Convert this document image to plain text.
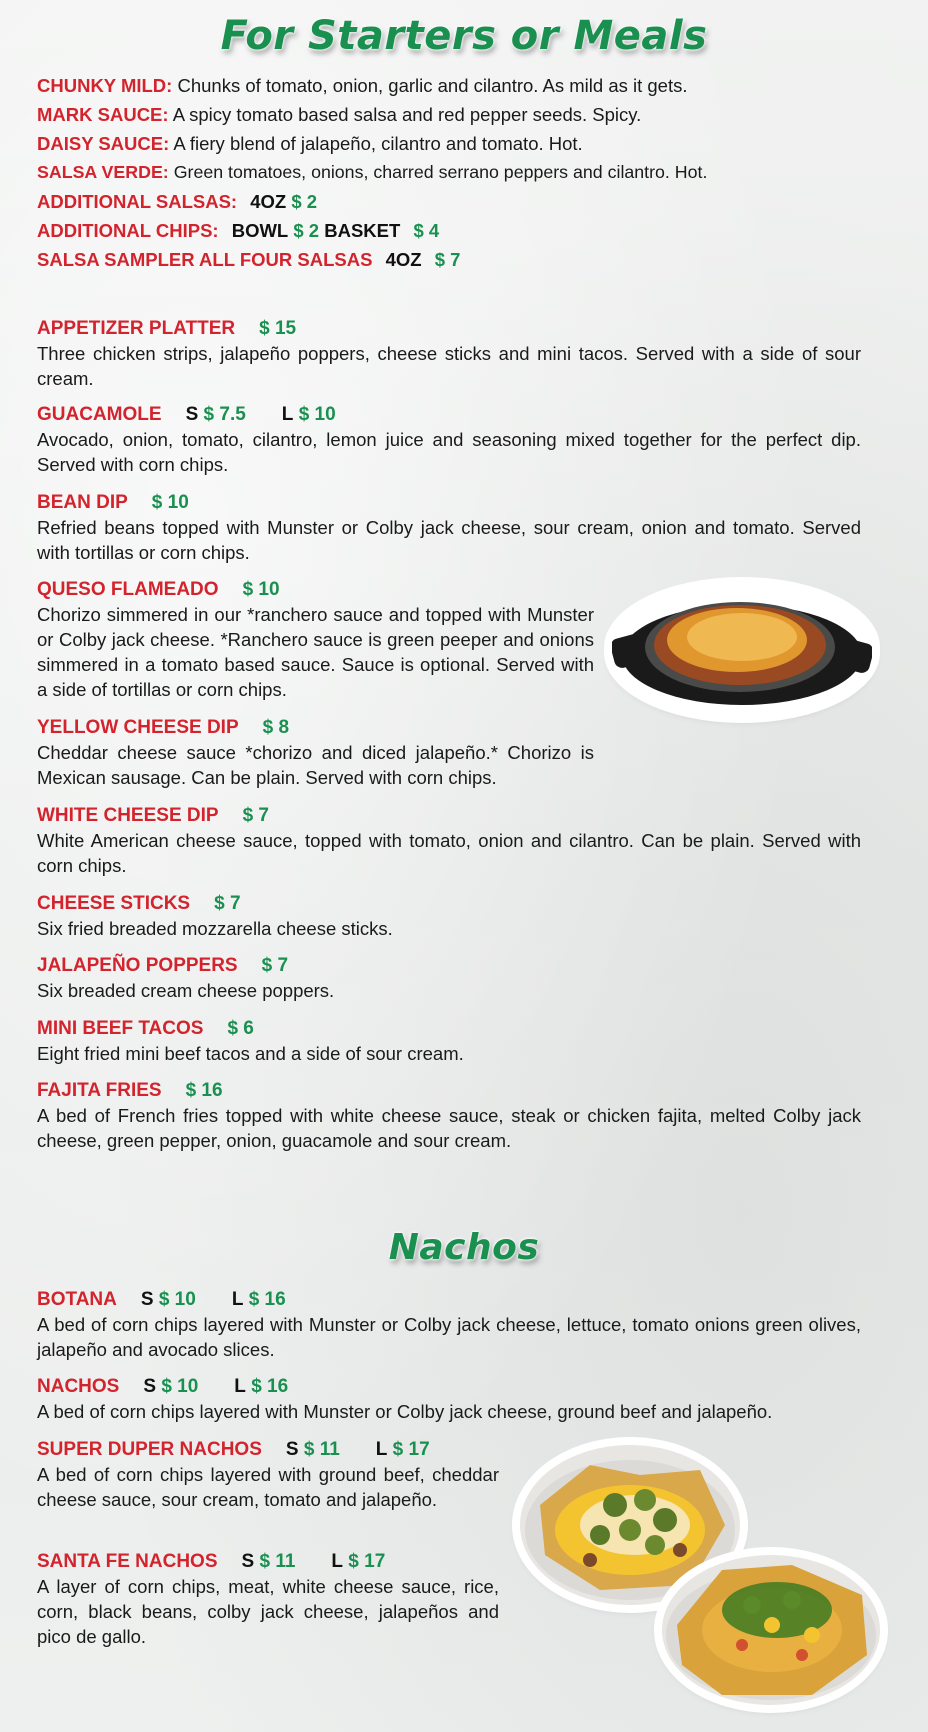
For Starters or Meals
CHUNKY MILD: Chunks of tomato, onion, garlic and cilantro. As mild as it gets.
MARK SAUCE: A spicy tomato based salsa and red pepper seeds. Spicy.
DAISY SAUCE: A fiery blend of jalapeño, cilantro and tomato. Hot.
SALSA VERDE: Green tomatoes, onions, charred serrano peppers and cilantro. Hot.
ADDITIONAL SALSAS: 4OZ $ 2
ADDITIONAL CHIPS: BOWL $ 2 BASKET $ 4
SALSA SAMPLER ALL FOUR SALSAS 4OZ $ 7
APPETIZER PLATTER $ 15
Three chicken strips, jalapeño poppers, cheese sticks and mini tacos. Served with a side of sour cream.
GUACAMOLE S $ 7.5 L $ 10
Avocado, onion, tomato, cilantro, lemon juice and seasoning mixed together for the perfect dip. Served with corn chips.
BEAN DIP $ 10
Refried beans topped with Munster or Colby jack cheese, sour cream, onion and tomato. Served with tortillas or corn chips.
QUESO FLAMEADO $ 10
Chorizo simmered in our *ranchero sauce and topped with Munster or Colby jack cheese. *Ranchero sauce is green peeper and onions simmered in a tomato based sauce. Sauce is optional. Served with a side of tortillas or corn chips.
YELLOW CHEESE DIP $ 8
Cheddar cheese sauce *chorizo and diced jalapeño.* Chorizo is Mexican sausage. Can be plain. Served with corn chips.
WHITE CHEESE DIP $ 7
White American cheese sauce, topped with tomato, onion and cilantro. Can be plain. Served with corn chips.
CHEESE STICKS $ 7
Six fried breaded mozzarella cheese sticks.
JALAPEÑO POPPERS $ 7
Six breaded cream cheese poppers.
MINI BEEF TACOS $ 6
Eight fried mini beef tacos and a side of sour cream.
FAJITA FRIES $ 16
A bed of French fries topped with white cheese sauce, steak or chicken fajita, melted Colby jack cheese, green pepper, onion, guacamole and sour cream.
Nachos
BOTANA S $ 10 L $ 16
A bed of corn chips layered with Munster or Colby jack cheese, lettuce, tomato onions green olives, jalapeño and avocado slices.
NACHOS S $ 10 L $ 16
A bed of corn chips layered with Munster or Colby jack cheese, ground beef and jalapeño.
SUPER DUPER NACHOS S $ 11 L $ 17
A bed of corn chips layered with ground beef, cheddar cheese sauce, sour cream, tomato and jalapeño.
SANTA FE NACHOS S $ 11 L $ 17
A layer of corn chips, meat, white cheese sauce, rice, corn, black beans, colby jack cheese, jalapeños and pico de gallo.
